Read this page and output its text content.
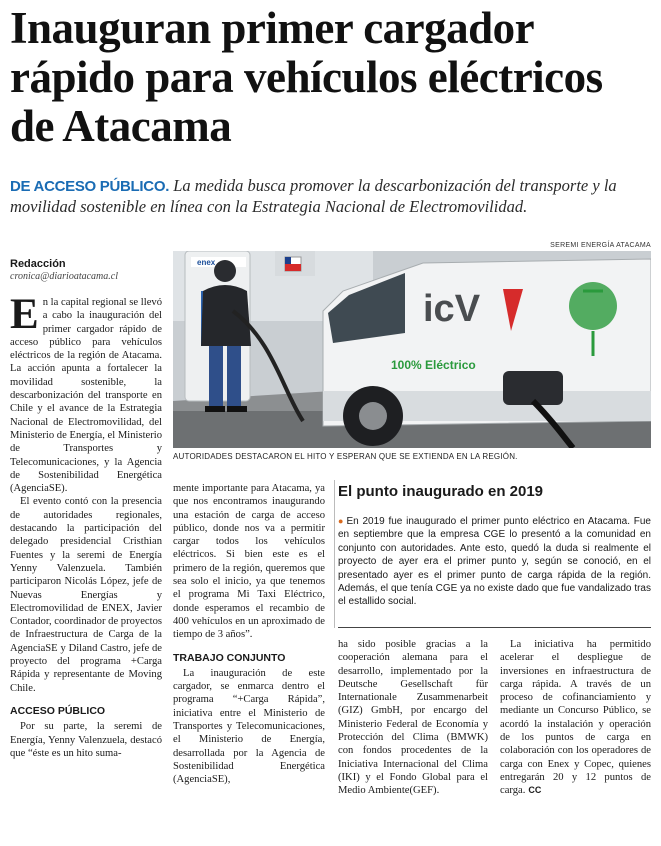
Inauguran primer cargador rápido para vehículos eléctricos de Atacama
DE ACCESO PÚBLICO. La medida busca promover la descarbonización del transporte y la movilidad sostenible en línea con la Estrategia Nacional de Electromovilidad.
Redacción
cronica@diarioatacama.cl
SEREMI ENERGÍA ATACAMA
enex
icV
100% Eléctrico
AUTORIDADES DESTACARON EL HITO Y ESPERAN QUE SE EXTIENDA EN LA REGIÓN.

En la capital regional se llevó a cabo la inauguración del primer cargador rápido de acceso público para vehículos eléctricos de la región de Atacama. La acción apunta a fortalecer la movilidad sostenible, la descarbonización del transporte en Chile y el avance de la Estrategia Nacional de Electromovilidad, del Ministerio de Energía, el Ministerio de Transportes y Telecomunicaciones, y la Agencia de Sostenibilidad Energética (AgenciaSE).

El evento contó con la presencia de autoridades regionales, destacando la participación del delegado presidencial Cristhian Fuentes y la seremi de Energía Yenny Valenzuela. También participaron Nicolás López, jefe de Nuevas Energías y Electromovilidad de ENEX, Javier Contador, coordinador de proyectos de Infraestructura de Carga de la AgenciaSE y Diland Castro, jefe de proyecto del programa +Carga Rápida y representante de Moving Chile.

ACCESO PÚBLICO

Por su parte, la seremi de Energía, Yenny Valenzuela, destacó que “éste es un hito suma-

mente importante para Atacama, ya que nos encontramos inaugurando una estación de carga de acceso público, donde nos va a permitir cargar todos los vehículos eléctricos. Si bien este es el primero de la región, queremos que sea solo el inicio, ya que tenemos el programa Mi Taxi Eléctrico, donde esperamos el recambio de 400 vehículos en un aproximado de tiempo de 3 años”.

TRABAJO CONJUNTO

La inauguración de este cargador, se enmarca dentro el programa “+Carga Rápida”, iniciativa entre el Ministerio de Transportes y Telecomunicaciones, el Ministerio de Energía, desarrollada por la Agencia de Sostenibilidad Energética (AgenciaSE),

El punto inaugurado en 2019
● En 2019 fue inaugurado el primer punto eléctrico en Atacama. Fue en septiembre que la empresa CGE lo presentó a la comunidad en conjunto con autoridades. Ante esto, quedó la duda si realmente el proyecto de ayer era el primer punto y, según se conoció, en el presentado ayer es el primer punto de carga rápida de la región. Además, el que tenía CGE ya no existe dado que fue vandalizado tras el estallido social.

ha sido posible gracias a la cooperación alemana para el desarrollo, implementado por la Deutsche Gesellschaft für Internationale Zusammenarbeit (GIZ) GmbH, por encargo del Ministerio Federal de Economía y Protección del Clima (BMWK) con fondos procedentes de la Iniciativa Internacional del Clima (IKI) y el Fondo Global para el Medio Ambiente(GEF).

La iniciativa ha permitido acelerar el despliegue de inversiones en infraestructura de carga rápida. A través de un proceso de cofinanciamiento y mediante un Concurso Público, se acordó la instalación y operación de los puntos de carga en colaboración con los operadores de carga con Enex y Copec, quienes entregarán 20 y 12 puntos de carga. CC
